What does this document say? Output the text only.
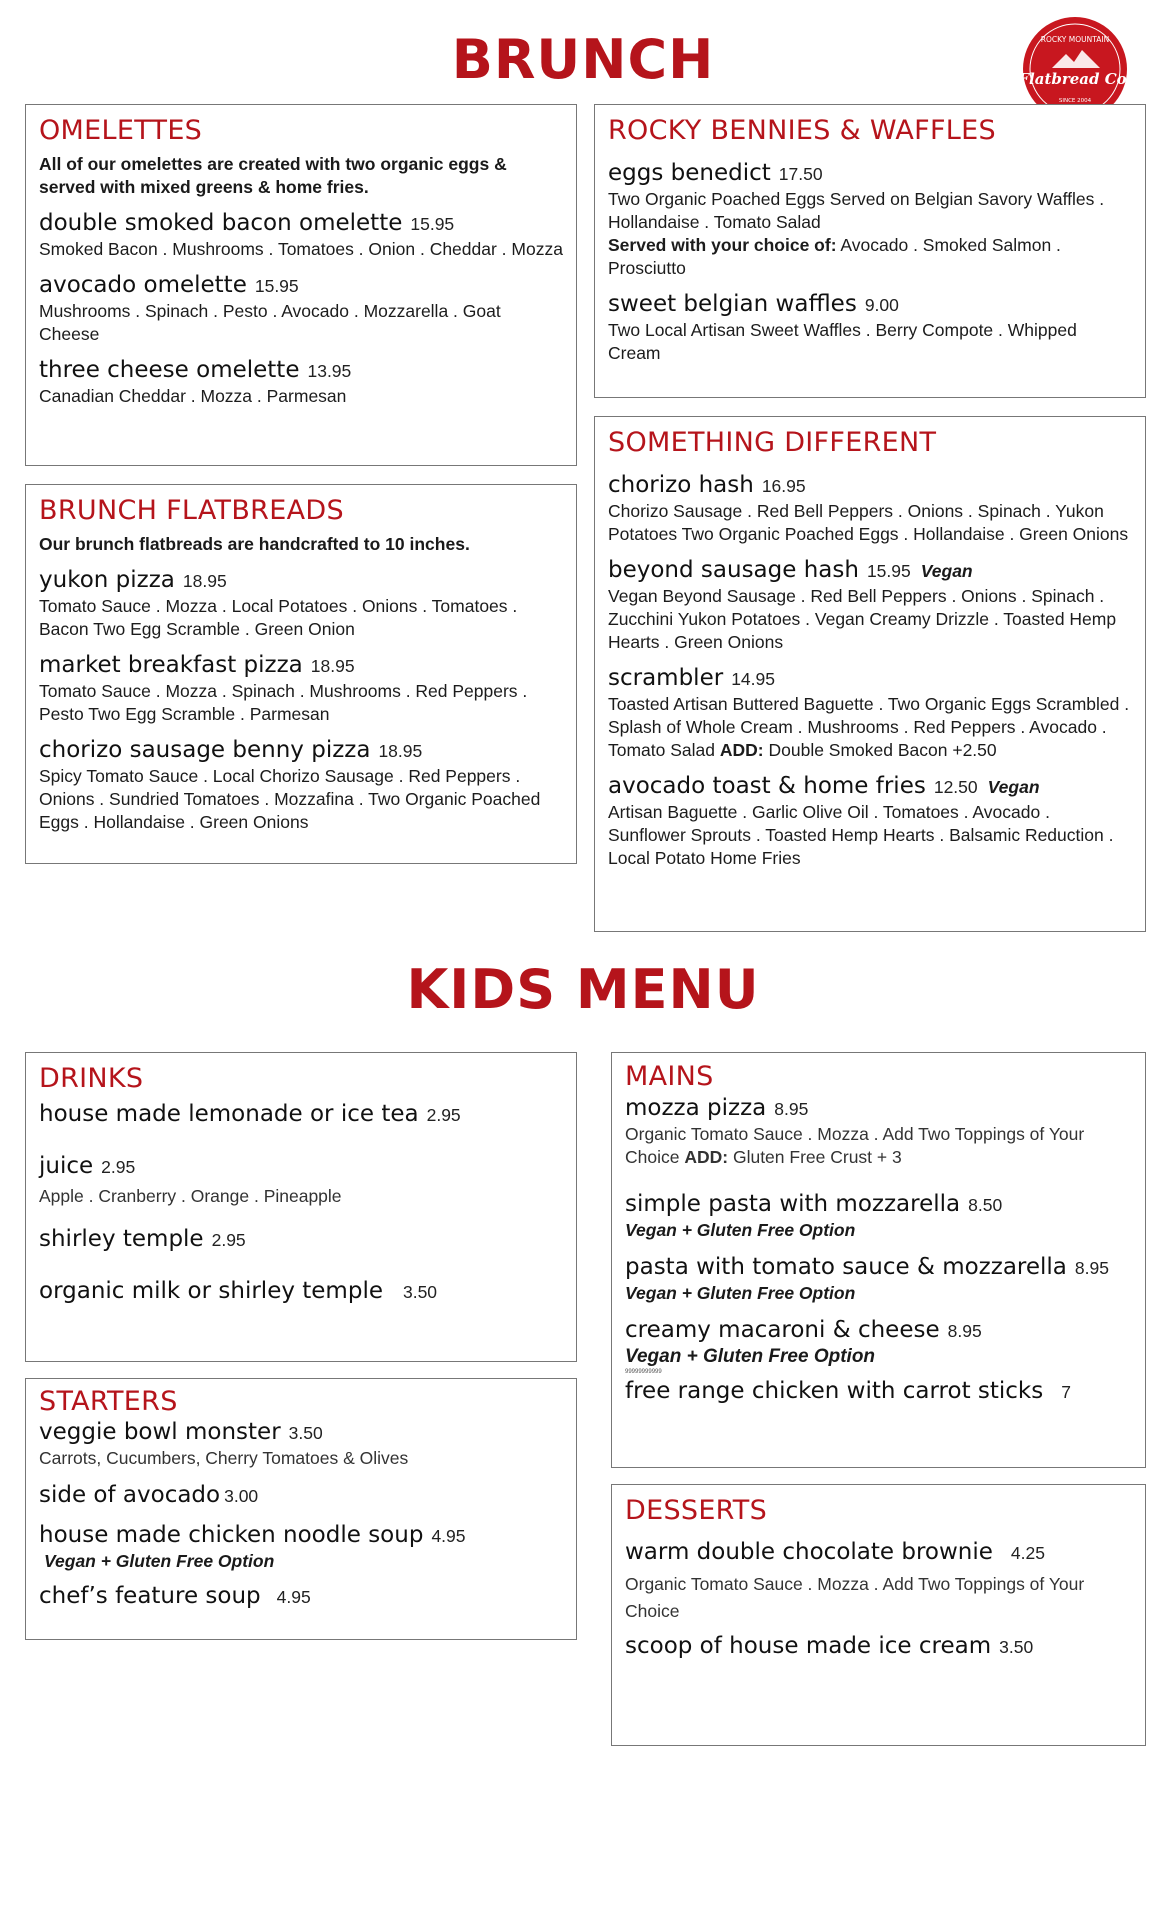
BRUNCH	ROCKY MOUNTAIN
Flatbread Co.
SINCE 2004
OMELETTES

All of our omelettes are created with two organic eggs & served with mixed greens & home fries.

double smoked bacon omelette 15.95

Smoked Bacon . Mushrooms . Tomatoes . Onion . Cheddar . Mozza

avocado omelette 15.95

Mushrooms . Spinach . Pesto . Avocado . Mozzarella . Goat Cheese

three cheese omelette 13.95

Canadian Cheddar . Mozza . Parmesan

BRUNCH FLATBREADS

Our brunch flatbreads are handcrafted to 10 inches.

yukon pizza 18.95

Tomato Sauce . Mozza . Local Potatoes . Onions . Tomatoes . Bacon Two Egg Scramble . Green Onion

market breakfast pizza 18.95

Tomato Sauce . Mozza . Spinach . Mushrooms . Red Peppers . Pesto Two Egg Scramble . Parmesan

chorizo sausage benny pizza 18.95

Spicy Tomato Sauce . Local Chorizo Sausage . Red Peppers . Onions . Sundried Tomatoes . Mozzafina . Two Organic Poached Eggs . Hollandaise . Green Onions

ROCKY BENNIES & WAFFLES
eggs benedict 17.50

Two Organic Poached Eggs Served on Belgian Savory Waffles . Hollandaise . Tomato Salad
Served with your choice of: Avocado . Smoked Salmon . Prosciutto

sweet belgian waffles 9.00

Two Local Artisan Sweet Waffles . Berry Compote . Whipped Cream

SOMETHING DIFFERENT
chorizo hash 16.95

Chorizo Sausage . Red Bell Peppers . Onions . Spinach . Yukon Potatoes Two Organic Poached Eggs . Hollandaise . Green Onions

beyond sausage hash 15.95 Vegan

Vegan Beyond Sausage . Red Bell Peppers . Onions . Spinach . Zucchini Yukon Potatoes . Vegan Creamy Drizzle . Toasted Hemp Hearts . Green Onions

scrambler 14.95

Toasted Artisan Buttered Baguette . Two Organic Eggs Scrambled . Splash of Whole Cream . Mushrooms . Red Peppers . Avocado . Tomato Salad ADD: Double Smoked Bacon +2.50

avocado toast & home fries 12.50 Vegan

Artisan Baguette . Garlic Olive Oil . Tomatoes . Avocado . Sunflower Sprouts . Toasted Hemp Hearts . Balsamic Reduction . Local Potato Home Fries

KIDS MENU
DRINKS
house made lemonade or ice tea 2.95
juice 2.95

Apple . Cranberry . Orange . Pineapple

shirley temple 2.95
organic milk or shirley temple 3.50
STARTERS
veggie bowl monster 3.50

Carrots, Cucumbers, Cherry Tomatoes & Olives

side of avocado 3.00
house made chicken noodle soup 4.95

Vegan + Gluten Free Option

chef’s feature soup 4.95
MAINS
mozza pizza 8.95

Organic Tomato Sauce . Mozza . Add Two Toppings of Your Choice ADD: Gluten Free Crust + 3

simple pasta with mozzarella 8.50

Vegan + Gluten Free Option

pasta with tomato sauce & mozzarella 8.95

Vegan + Gluten Free Option

creamy macaroni & cheese 8.95

Vegan + Gluten Free Option

99999999999

free range chicken with carrot sticks 7
DESSERTS
warm double chocolate brownie 4.25

Organic Tomato Sauce . Mozza . Add Two Toppings of Your Choice

scoop of house made ice cream 3.50
